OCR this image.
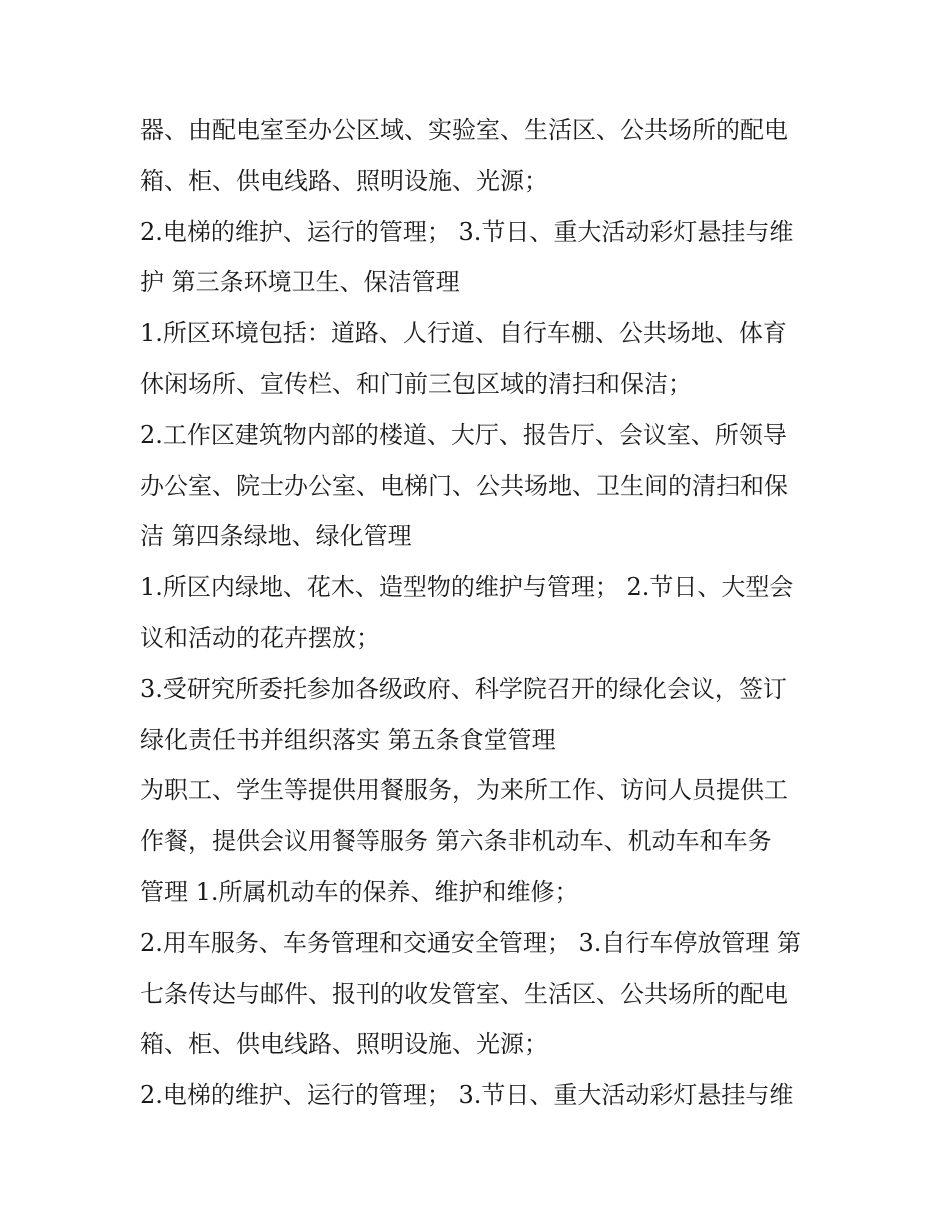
器、由配电室至办公区域、实验室、生活区、公共场所的配电
箱、柜、供电线路、照明设施、光源；
2.电梯的维护、运行的管理； 3.节日、重大活动彩灯悬挂与维
护 第三条环境卫生、保洁管理
1.所区环境包括：道路、人行道、自行车棚、公共场地、体育
休闲场所、宣传栏、和门前三包区域的清扫和保洁；
2.工作区建筑物内部的楼道、大厅、报告厅、会议室、所领导
办公室、院士办公室、电梯门、公共场地、卫生间的清扫和保
洁 第四条绿地、绿化管理
1.所区内绿地、花木、造型物的维护与管理； 2.节日、大型会
议和活动的花卉摆放；
3.受研究所委托参加各级政府、科学院召开的绿化会议，签订
绿化责任书并组织落实 第五条食堂管理
为职工、学生等提供用餐服务，为来所工作、访问人员提供工
作餐，提供会议用餐等服务 第六条非机动车、机动车和车务
管理 1.所属机动车的保养、维护和维修；
2.用车服务、车务管理和交通安全管理； 3.自行车停放管理 第
七条传达与邮件、报刊的收发管室、生活区、公共场所的配电
箱、柜、供电线路、照明设施、光源；
2.电梯的维护、运行的管理； 3.节日、重大活动彩灯悬挂与维
